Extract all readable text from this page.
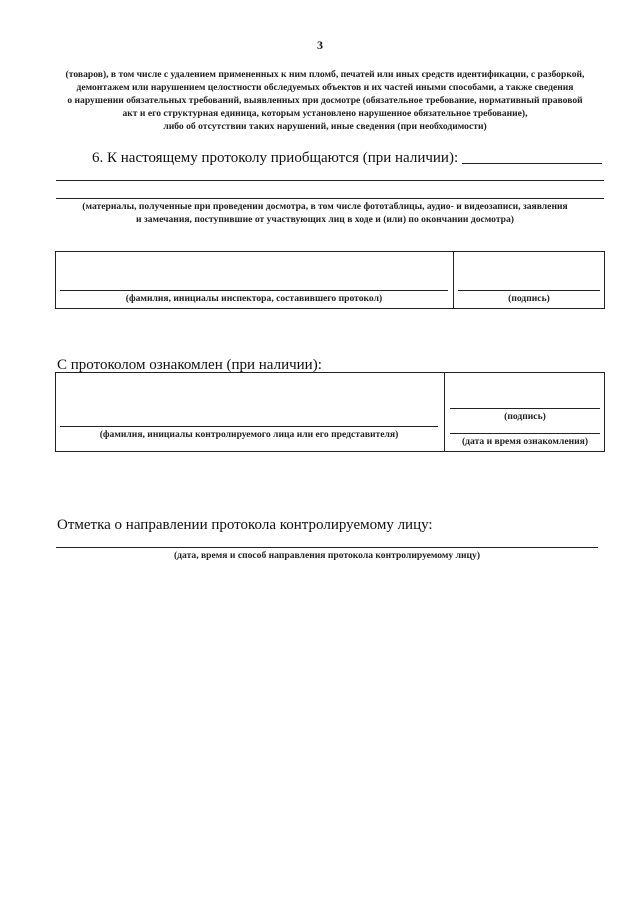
3
(товаров), в том числе с удалением примененных к ним пломб, печатей или иных средств идентификации, с разборкой,
демонтажем или нарушением целостности обследуемых объектов и их частей иными способами, а также сведения
о нарушении обязательных требований, выявленных при досмотре (обязательное требование, нормативный правовой
акт и его структурная единица, которым установлено нарушенное обязательное требование),
либо об отсутствии таких нарушений, иные сведения (при необходимости)
6. К настоящему протоколу приобщаются (при наличии):
(материалы, полученные при проведении досмотра, в том числе фототаблицы, аудио- и видеозаписи, заявления
и замечания, поступившие от участвующих лиц в ходе и (или) по окончании досмотра)
(фамилия, инициалы инспектора, составившего протокол)	(подпись)
С протоколом ознакомлен (при наличии):
(фамилия, инициалы контролируемого лица или его представителя)
(подпись)
(дата и время ознакомления)
Отметка о направлении протокола контролируемому лицу:
(дата, время и способ направления протокола контролируемому лицу)
